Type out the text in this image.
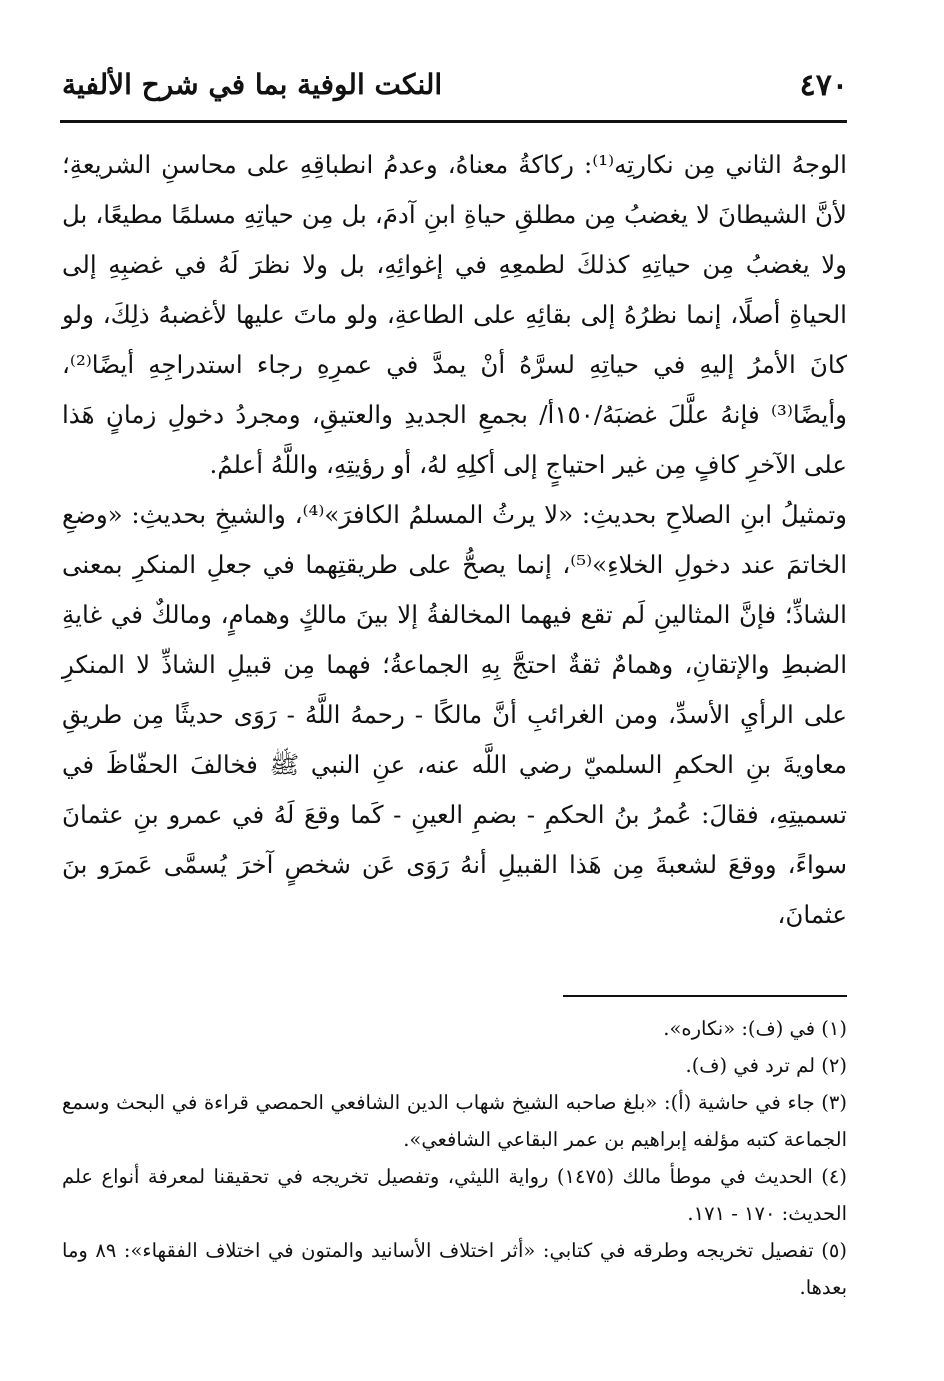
٤٧٠
النكت الوفية بما في شرح الألفية

الوجهُ الثاني مِن نكارتِه⁽¹⁾: ركاكةُ معناهُ، وعدمُ انطباقِهِ على محاسنِ الشريعةِ؛ لأنَّ الشيطانَ لا يغضبُ مِن مطلقِ حياةِ ابنِ آدمَ، بل مِن حياتِهِ مسلمًا مطيعًا، بل ولا يغضبُ مِن حياتِهِ كذلكَ لطمعِهِ في إغوائِهِ، بل ولا نظرَ لَهُ في غضبِهِ إلى الحياةِ أصلًا، إنما نظرُهُ إلى بقائِهِ على الطاعةِ، ولو ماتَ عليها لأغضبهُ ذلِكَ، ولو كانَ الأمرُ إليهِ في حياتِهِ لسرَّهُ أنْ يمدَّ في عمرِهِ رجاء استدراجِهِ أيضًا⁽²⁾، وأيضًا⁽³⁾ فإنهُ علَّلَ غضبَهُ/١٥٠أ/ بجمعِ الجديدِ والعتيقِ، ومجردُ دخولِ زمانٍ هَذا على الآخرِ كافٍ مِن غير احتياجٍ إلى أكلِهِ لهُ، أو رؤيتِهِ، واللَّهُ أعلمُ.

وتمثيلُ ابنِ الصلاحِ بحديثِ: «لا يرثُ المسلمُ الكافرَ»⁽⁴⁾، والشيخِ بحديثِ: «وضعِ الخاتمَ عند دخولِ الخلاءِ»⁽⁵⁾، إنما يصحُّ على طريقتِهما في جعلِ المنكرِ بمعنى الشاذِّ؛ فإنَّ المثالينِ لَم تقع فيهما المخالفةُ إلا بينَ مالكٍ وهمامٍ، ومالكٌ في غايةِ الضبطِ والإتقانِ، وهمامٌ ثقةٌ احتجَّ بِهِ الجماعةُ؛ فهما مِن قبيلِ الشاذِّ لا المنكرِ على الرأيِ الأسدِّ، ومن الغرائبِ أنَّ مالكًا - رحمهُ اللَّهُ - رَوَى حديثًا مِن طريقِ معاويةَ بنِ الحكمِ السلميّ رضي اللَّه عنه، عنِ النبي ﷺ فخالفَ الحفّاظَ في تسميتِهِ، فقالَ: عُمرُ بنُ الحكمِ - بضمِ العينِ - كَما وقعَ لَهُ في عمرو بنِ عثمانَ سواءً، ووقعَ لشعبةَ مِن هَذا القبيلِ أنهُ رَوَى عَن شخصٍ آخرَ يُسمَّى عَمرَو بنَ عثمانَ،

(١) في (ف): «نكاره».

(٢) لم ترد في (ف).

(٣) جاء في حاشية (أ): «بلغ صاحبه الشيخ شهاب الدين الشافعي الحمصي قراءة في البحث وسمع الجماعة كتبه مؤلفه إبراهيم بن عمر البقاعي الشافعي».

(٤) الحديث في موطأ مالك (١٤٧٥) رواية الليثي، وتفصيل تخريجه في تحقيقنا لمعرفة أنواع علم الحديث: ١٧٠ - ١٧١.

(٥) تفصيل تخريجه وطرقه في كتابي: «أثر اختلاف الأسانيد والمتون في اختلاف الفقهاء»: ٨٩ وما بعدها.
